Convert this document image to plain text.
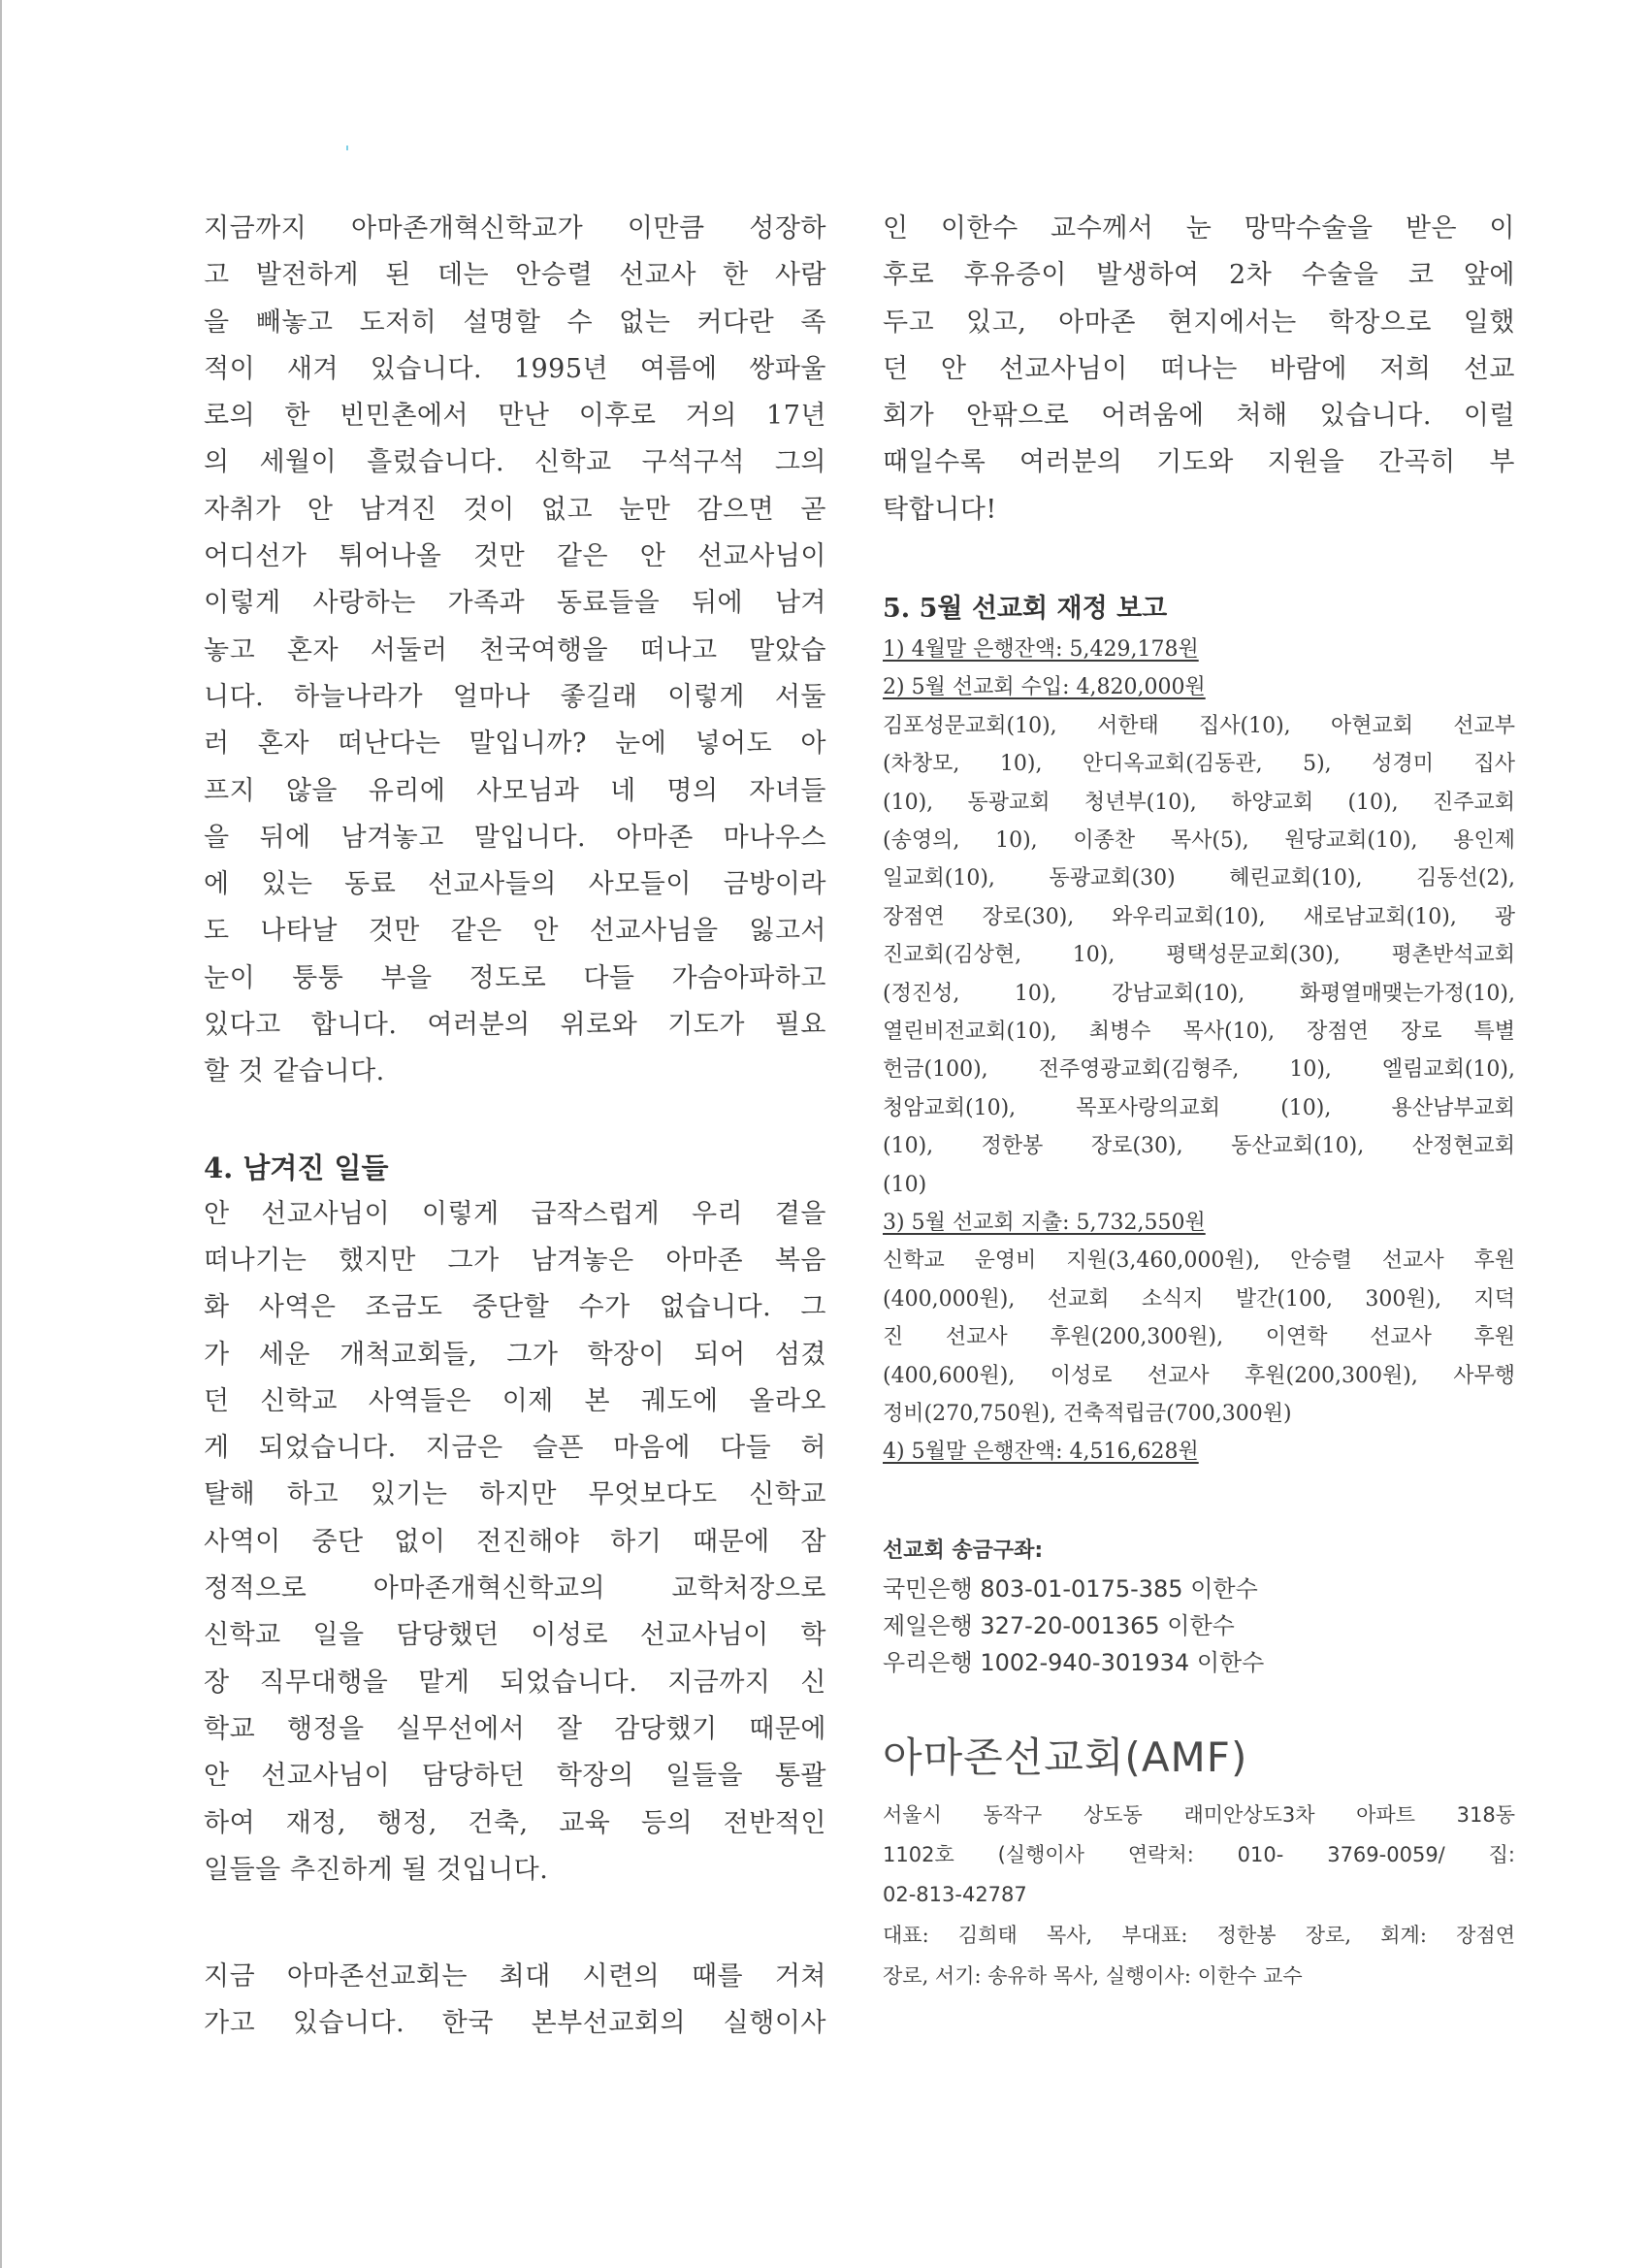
지금까지 아마존개혁신학교가 이만큼 성장하
고 발전하게 된 데는 안승렬 선교사 한 사람
을 빼놓고 도저히 설명할 수 없는 커다란 족
적이 새겨 있습니다. 1995년 여름에 쌍파울
로의 한 빈민촌에서 만난 이후로 거의 17년
의 세월이 흘렀습니다. 신학교 구석구석 그의
자취가 안 남겨진 것이 없고 눈만 감으면 곧
어디선가 튀어나올 것만 같은 안 선교사님이
이렇게 사랑하는 가족과 동료들을 뒤에 남겨
놓고 혼자 서둘러 천국여행을 떠나고 말았습
니다. 하늘나라가 얼마나 좋길래 이렇게 서둘
러 혼자 떠난다는 말입니까? 눈에 넣어도 아
프지 않을 유리에 사모님과 네 명의 자녀들
을 뒤에 남겨놓고 말입니다. 아마존 마나우스
에 있는 동료 선교사들의 사모들이 금방이라
도 나타날 것만 같은 안 선교사님을 잃고서
눈이 퉁퉁 부을 정도로 다들 가슴아파하고
있다고 합니다. 여러분의 위로와 기도가 필요
할 것 같습니다.
4. 남겨진 일들
안 선교사님이 이렇게 급작스럽게 우리 곁을
떠나기는 했지만 그가 남겨놓은 아마존 복음
화 사역은 조금도 중단할 수가 없습니다. 그
가 세운 개척교회들, 그가 학장이 되어 섬겼
던 신학교 사역들은 이제 본 궤도에 올라오
게 되었습니다. 지금은 슬픈 마음에 다들 허
탈해 하고 있기는 하지만 무엇보다도 신학교
사역이 중단 없이 전진해야 하기 때문에 잠
정적으로 아마존개혁신학교의 교학처장으로
신학교 일을 담당했던 이성로 선교사님이 학
장 직무대행을 맡게 되었습니다. 지금까지 신
학교 행정을 실무선에서 잘 감당했기 때문에
안 선교사님이 담당하던 학장의 일들을 통괄
하여 재정, 행정, 건축, 교육 등의 전반적인
일들을 추진하게 될 것입니다.
지금 아마존선교회는 최대 시련의 때를 거쳐
가고 있습니다. 한국 본부선교회의 실행이사
인 이한수 교수께서 눈 망막수술을 받은 이
후로 후유증이 발생하여 2차 수술을 코 앞에
두고 있고, 아마존 현지에서는 학장으로 일했
던 안 선교사님이 떠나는 바람에 저희 선교
회가 안팎으로 어려움에 처해 있습니다. 이럴
때일수록 여러분의 기도와 지원을 간곡히 부
탁합니다!
5. 5월 선교회 재정 보고
1) 4월말 은행잔액: 5,429,178원
2) 5월 선교회 수입: 4,820,000원
김포성문교회(10), 서한태 집사(10), 아현교회 선교부
(차창모, 10), 안디옥교회(김동관, 5), 성경미 집사
(10), 동광교회 청년부(10), 하양교회 (10), 진주교회
(송영의, 10), 이종찬 목사(5), 원당교회(10), 용인제
일교회(10), 동광교회(30) 혜린교회(10), 김동선(2),
장점연 장로(30), 와우리교회(10), 새로남교회(10), 광
진교회(김상현, 10), 평택성문교회(30), 평촌반석교회
(정진성, 10), 강남교회(10), 화평열매맺는가정(10),
열린비전교회(10), 최병수 목사(10), 장점연 장로 특별
헌금(100), 전주영광교회(김형주, 10), 엘림교회(10),
청암교회(10), 목포사랑의교회 (10), 용산남부교회
(10), 정한봉 장로(30), 동산교회(10), 산정현교회
(10)
3) 5월 선교회 지출: 5,732,550원
신학교 운영비 지원(3,460,000원), 안승렬 선교사 후원
(400,000원), 선교회 소식지 발간(100, 300원), 지덕
진 선교사 후원(200,300원), 이연학 선교사 후원
(400,600원), 이성로 선교사 후원(200,300원), 사무행
정비(270,750원), 건축적립금(700,300원)
4) 5월말 은행잔액: 4,516,628원
선교회 송금구좌:
국민은행 803-01-0175-385 이한수
제일은행 327-20-001365 이한수
우리은행 1002-940-301934 이한수
아마존선교회(AMF)
서울시 동작구 상도동 래미안상도3차 아파트 318동
1102호 (실행이사 연락처: 010- 3769-0059/ 집:
02-813-42787
대표: 김희태 목사, 부대표: 정한봉 장로, 회계: 장점연
장로, 서기: 송유하 목사, 실행이사: 이한수 교수
